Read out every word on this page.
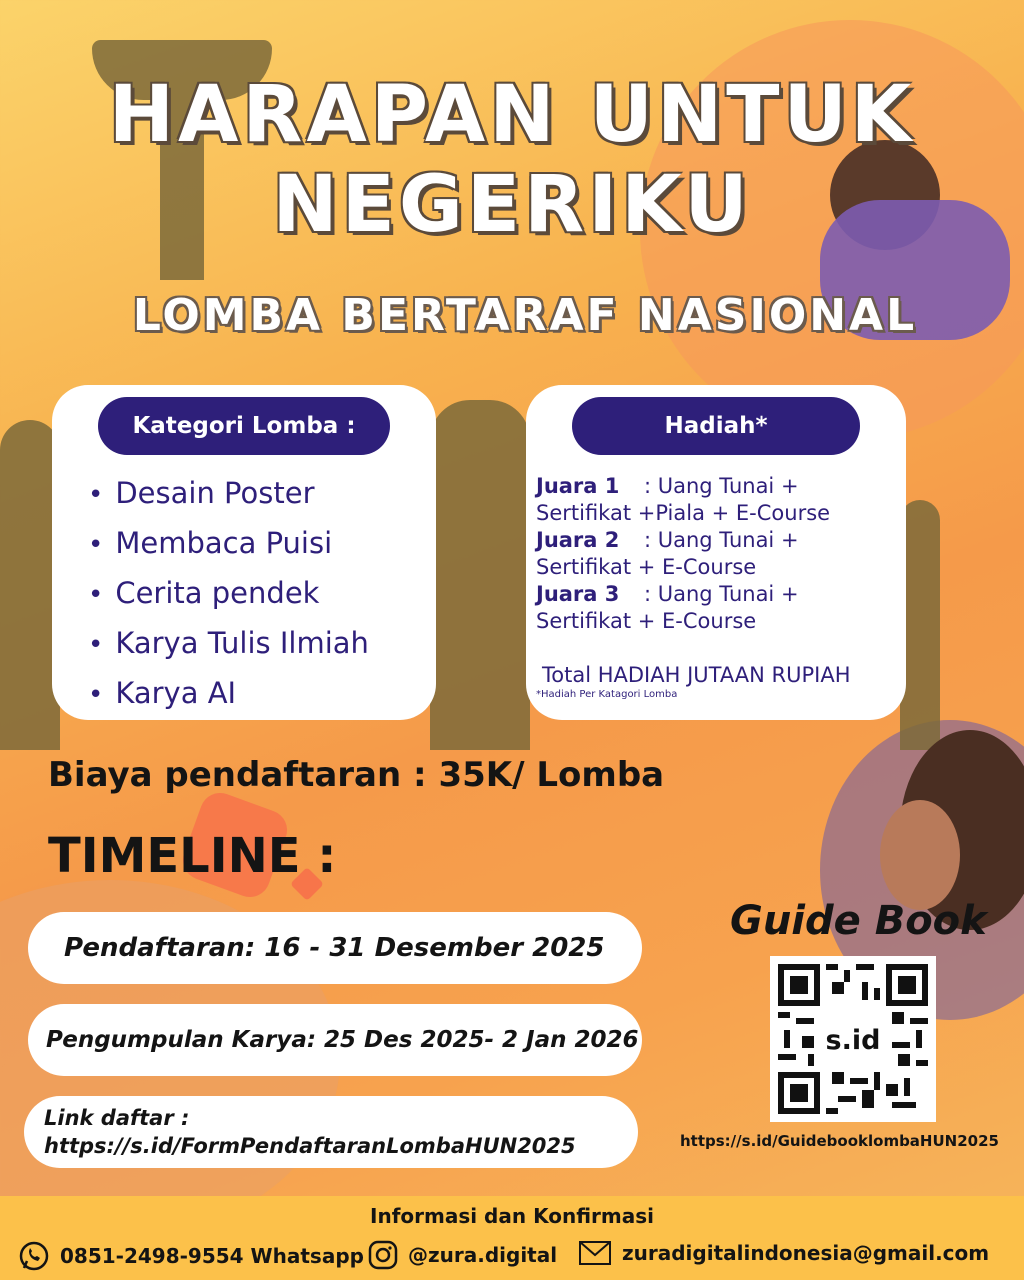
HARAPAN UNTUK
NEGERIKU
LOMBA BERTARAF NASIONAL
Kategori Lomba :
• Desain Poster
• Membaca Puisi
• Cerita pendek
• Karya Tulis Ilmiah
• Karya AI
Hadiah*
Juara 1 : Uang Tunai +
Sertifikat +Piala + E-Course
Juara 2 : Uang Tunai +
Sertifikat + E-Course
Juara 3 : Uang Tunai +
Sertifikat + E-Course
Total HADIAH JUTAAN RUPIAH
*Hadiah Per Katagori Lomba
Biaya pendaftaran : 35K/ Lomba
TIMELINE :
Pendaftaran: 16 - 31 Desember 2025
Pengumpulan Karya: 25 Des 2025- 2 Jan 2026
Link daftar :
https://s.id/FormPendaftaranLombaHUN2025
Guide Book
s.id
https://s.id/GuidebooklombaHUN2025
Informasi dan Konfirmasi
0851-2498-9554 Whatsapp @zura.digital	zuradigitalindonesia@gmail.com
